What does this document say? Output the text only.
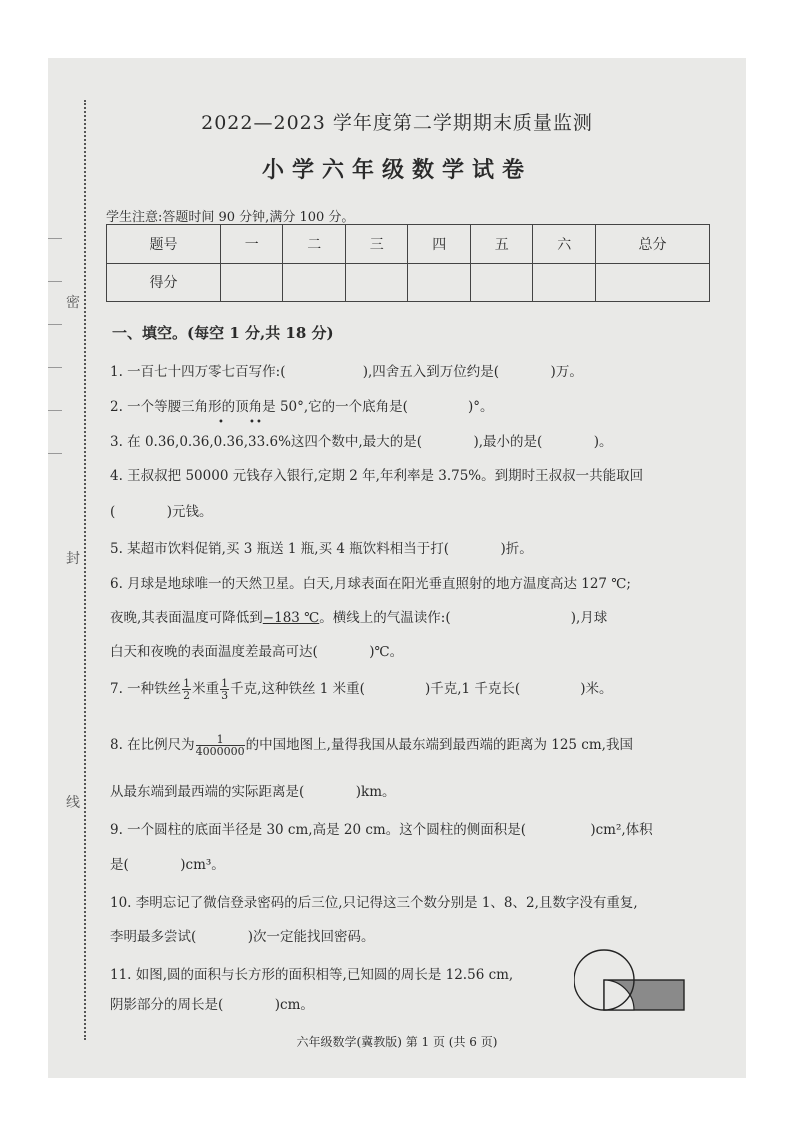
密
封
线
2022—2023 学年度第二学期期末质量监测
小学六年级数学试卷
学生注意:答题时间 90 分钟,满分 100 分。
题号	一	二	三	四	五	六	总分
得分							
一、填空。(每空 1 分,共 18 分)
1. 一百七十四万零七百写作:(                  ),四舍五入到万位约是(            )万。
2. 一个等腰三角形的顶角是 50°,它的一个底角是(              )°。
•	• •
3. 在 0.36,0.36,0.36,33.6%这四个数中,最大的是(            ),最小的是(            )。
4. 王叔叔把 50000 元钱存入银行,定期 2 年,年利率是 3.75%。到期时王叔叔一共能取回
(            )元钱。
5. 某超市饮料促销,买 3 瓶送 1 瓶,买 4 瓶饮料相当于打(            )折。
6. 月球是地球唯一的天然卫星。白天,月球表面在阳光垂直照射的地方温度高达 127 ℃;
夜晚,其表面温度可降低到−183 ℃。横线上的气温读作:(                            ),月球
白天和夜晚的表面温度差最高可达(            )℃。
7. 一种铁丝 $\frac{1}{2}$ 米重 $\frac{1}{3}$ 千克,这种铁丝 1 米重(              )千克,1 千克长(              )米。
8. 在比例尺为 $\frac{1}{4000000}$ 的中国地图上,量得我国从最东端到最西端的距离为 125 cm,我国
从最东端到最西端的实际距离是(            )km。
9. 一个圆柱的底面半径是 30 cm,高是 20 cm。这个圆柱的侧面积是(               )cm²,体积
是(            )cm³。
10. 李明忘记了微信登录密码的后三位,只记得这三个数分别是 1、8、2,且数字没有重复,
李明最多尝试(            )次一定能找回密码。
11. 如图,圆的面积与长方形的面积相等,已知圆的周长是 12.56 cm,
阴影部分的周长是(            )cm。
六年级数学(冀教版) 第 1 页 (共 6 页)
